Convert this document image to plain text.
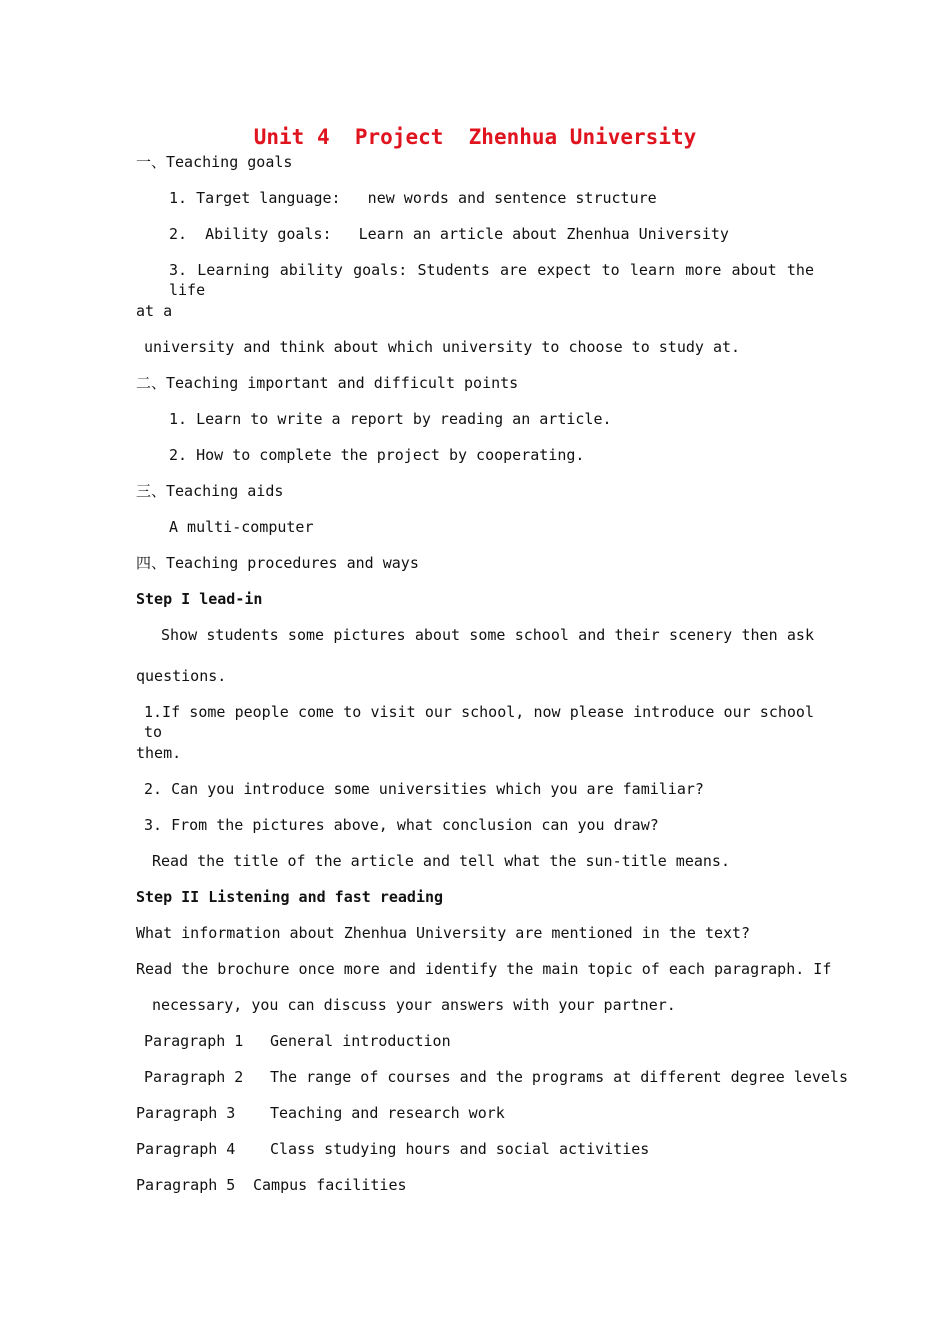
Unit 4  Project  Zhenhua University
一、Teaching goals
1. Target language:   new words and sentence structure
2.  Ability goals:   Learn an article about Zhenhua University
3. Learning ability goals: Students are expect to learn more about the life
at a
university and think about which university to choose to study at.
二、Teaching important and difficult points
1. Learn to write a report by reading an article.
2. How to complete the project by cooperating.
三、Teaching aids
A multi-computer
四、Teaching procedures and ways
Step I lead-in
Show students some pictures about some school and their scenery then ask
questions.
1.If some people come to visit our school, now please introduce our school to
them.
2. Can you introduce some universities which you are familiar?
3. From the pictures above, what conclusion can you draw?
Read the title of the article and tell what the sun-title means.
Step II Listening and fast reading
What information about Zhenhua University are mentioned in the text?
Read the brochure once more and identify the main topic of each paragraph. If
necessary, you can discuss your answers with your partner.
Paragraph 1 General introduction
Paragraph 2 The range of courses and the programs at different degree levels
Paragraph 3 Teaching and research work
Paragraph 4 Class studying hours and social activities
Paragraph 5 Campus facilities
